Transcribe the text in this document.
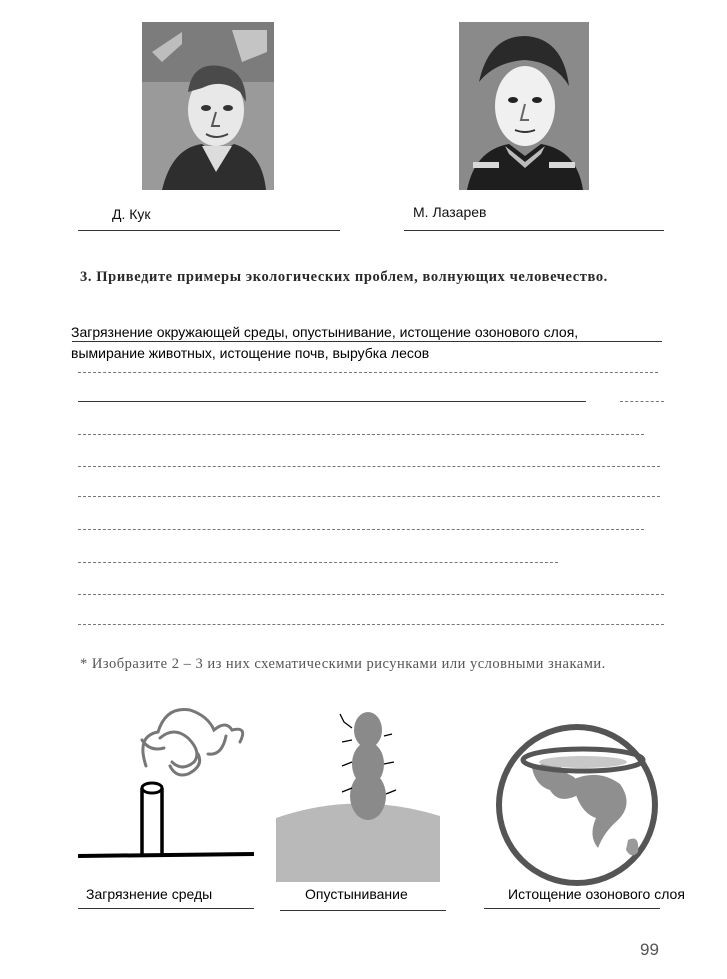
Д. Кук	М. Лазарев
3. Приведите примеры экологических проблем, волнующих человечество.
Загрязнение окружающей среды, опустынивание, истощение озонового слоя,
вымирание животных, истощение почв, вырубка лесов
* Изобразите 2 – 3 из них схематическими рисунками или условными знаками.
Загрязнение среды	Опустынивание	Истощение озонового слоя
99
